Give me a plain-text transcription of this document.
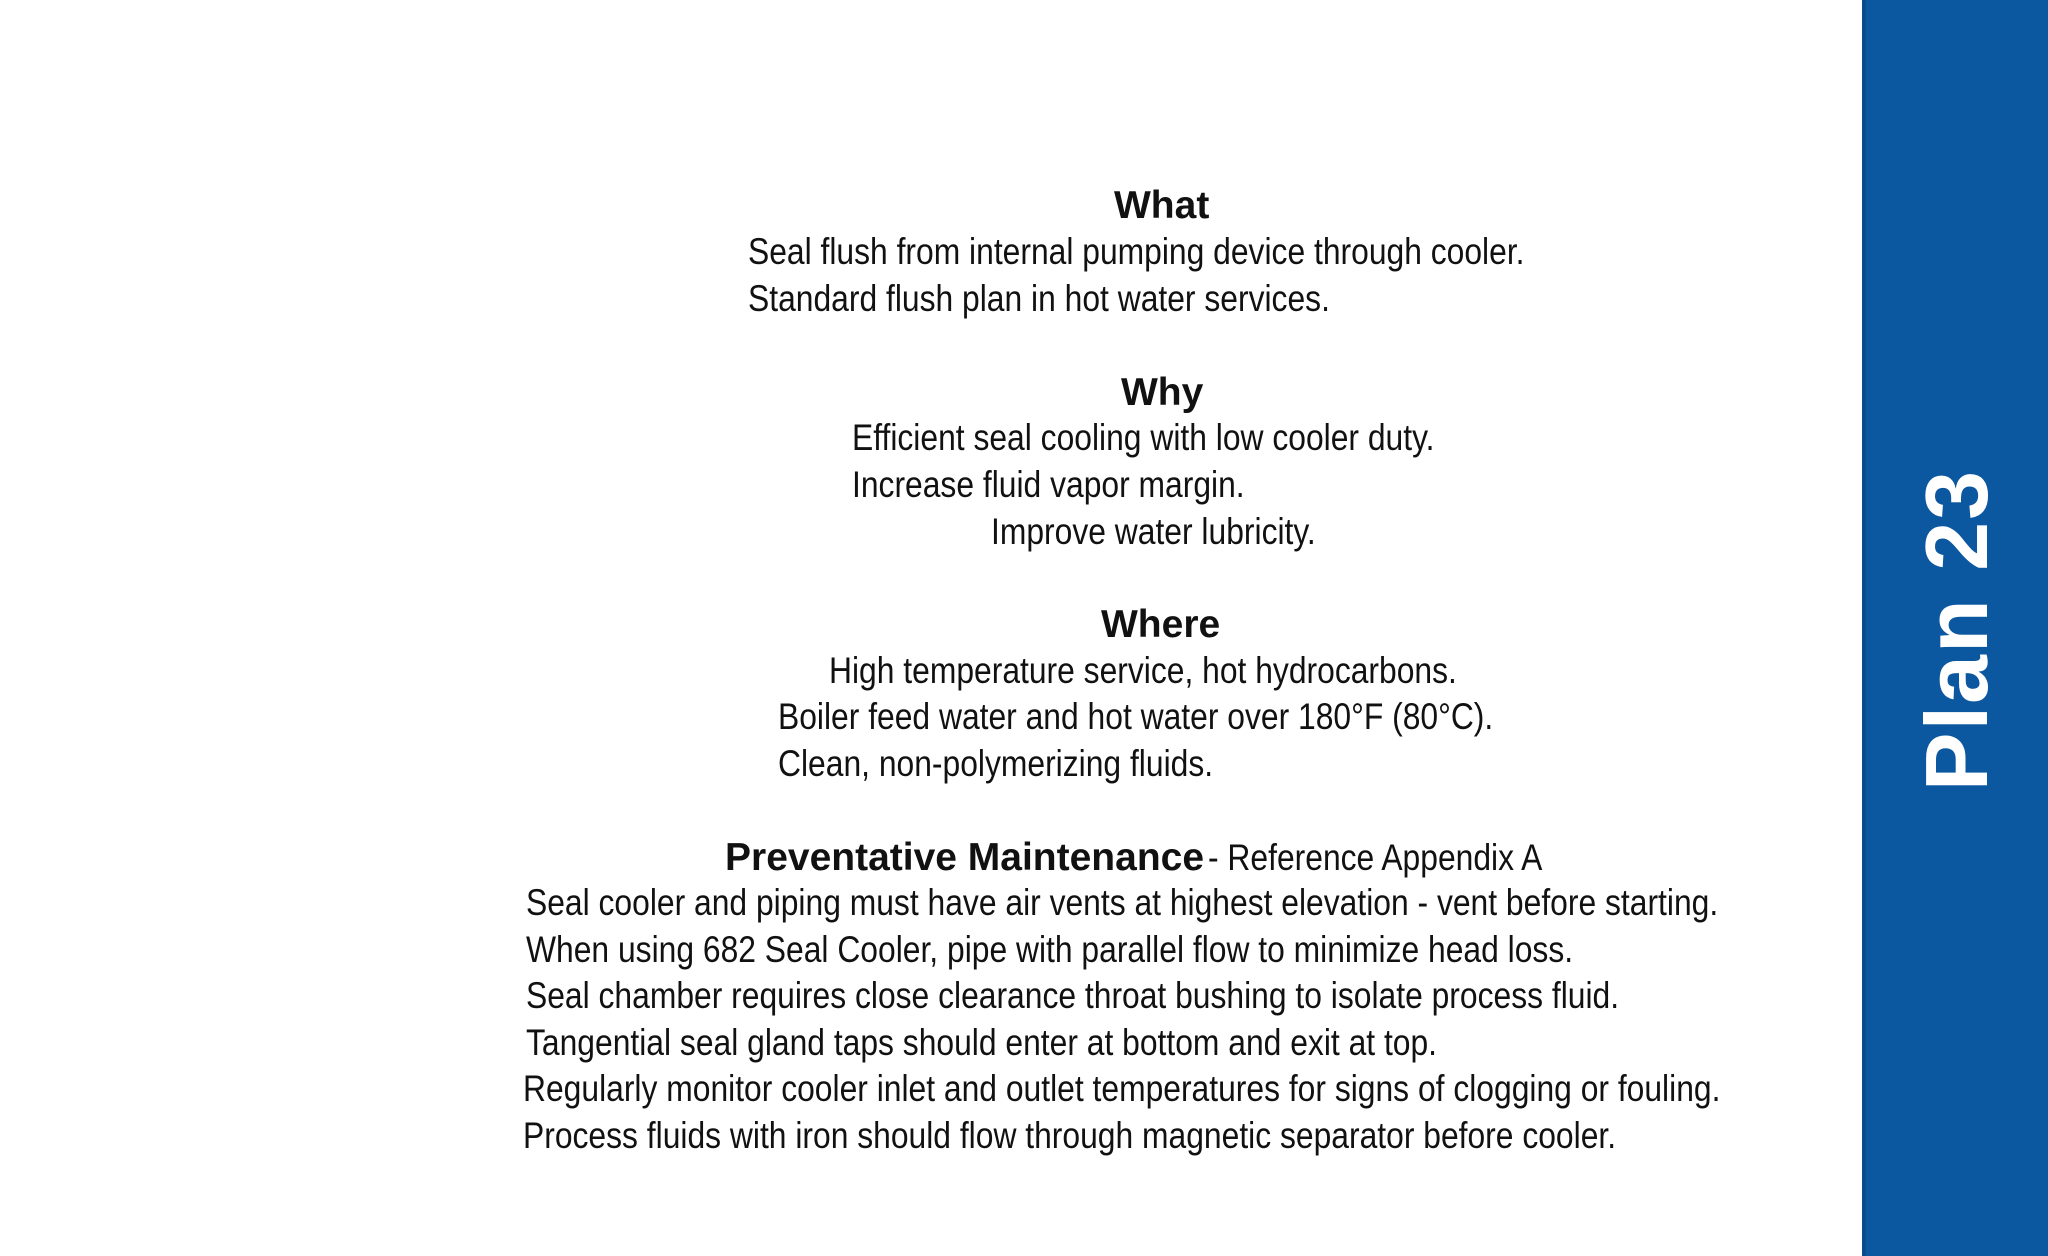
What
Seal flush from internal pumping device through cooler.
Standard flush plan in hot water services.
Why
Efficient seal cooling with low cooler duty.
Increase fluid vapor margin.
Improve water lubricity.
Where
High temperature service, hot hydrocarbons.
Boiler feed water and hot water over 180°F (80°C).
Clean, non-polymerizing fluids.
Preventative Maintenance - Reference Appendix A
Seal cooler and piping must have air vents at highest elevation - vent before starting.
When using 682 Seal Cooler, pipe with parallel flow to minimize head loss.
Seal chamber requires close clearance throat bushing to isolate process fluid.
Tangential seal gland taps should enter at bottom and exit at top.
Regularly monitor cooler inlet and outlet temperatures for signs of clogging or fouling.
Process fluids with iron should flow through magnetic separator before cooler.
Plan 23
